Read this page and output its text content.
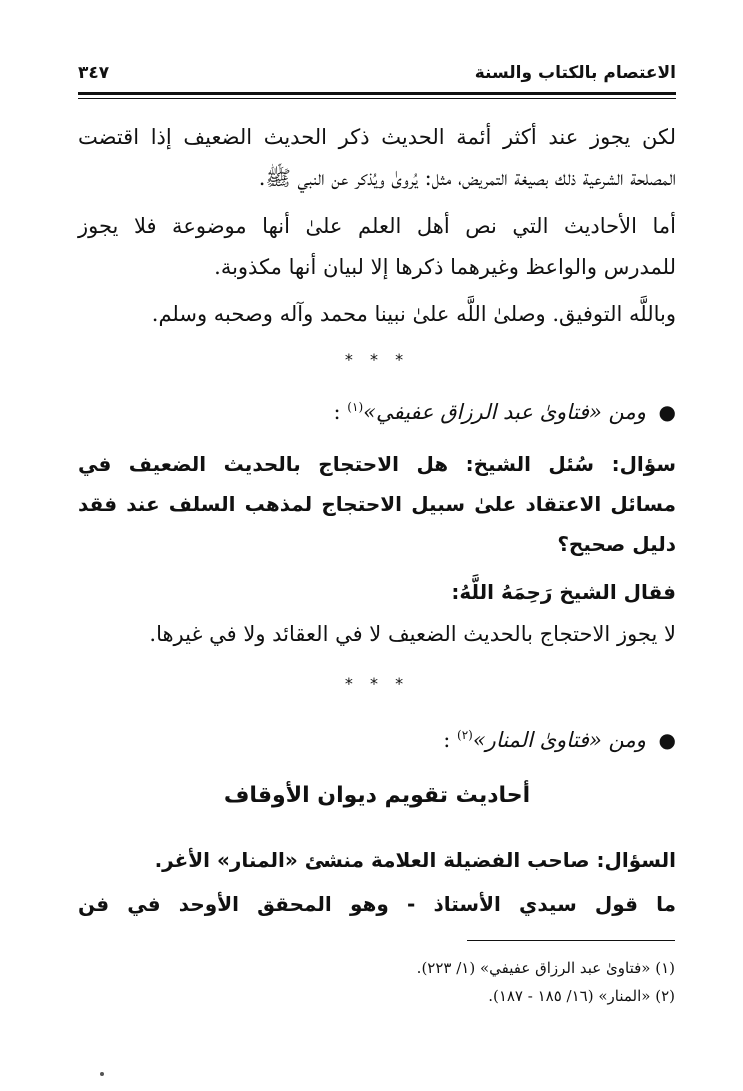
الاعتصام بالكتاب والسنة
٣٤٧
لكن يجوز عند أكثر أئمة الحديث ذكر الحديث الضعيف إذا اقتضت
المصلحة الشرعية ذلك بصيغة التمريض، مثل: يُروىٰ ويُذكر عن النبي ﷺ.
أما الأحاديث التي نص أهل العلم علىٰ أنها موضوعة فلا يجوز
للمدرس والواعظ وغيرهما ذكرها إلا لبيان أنها مكذوبة.
وباللَّه التوفيق. وصلىٰ اللَّه علىٰ نبينا محمد وآله وصحبه وسلم.
* * *
● ومن «فتاوىٰ عبد الرزاق عفيفي»$^{(١)}$ :
سؤال: سُئل الشيخ: هل الاحتجاج بالحديث الضعيف في
مسائل الاعتقاد علىٰ سبيل الاحتجاج لمذهب السلف عند فقد
دليل صحيح؟
فقال الشيخ رَحِمَهُ اللَّهُ:
لا يجوز الاحتجاج بالحديث الضعيف لا في العقائد ولا في غيرها.
* * *
● ومن «فتاوىٰ المنار»$^{(٢)}$ :
أحاديث تقويم ديوان الأوقاف
السؤال: صاحب الفضيلة العلامة منشئ «المنار» الأغر.
ما قول سيدي الأستاذ - وهو المحقق الأوحد في فن
(١) «فتاوىٰ عبد الرزاق عفيفي» (١/ ٢٢٣).
(٢) «المنار» (١٦/ ١٨٥ - ١٨٧).
